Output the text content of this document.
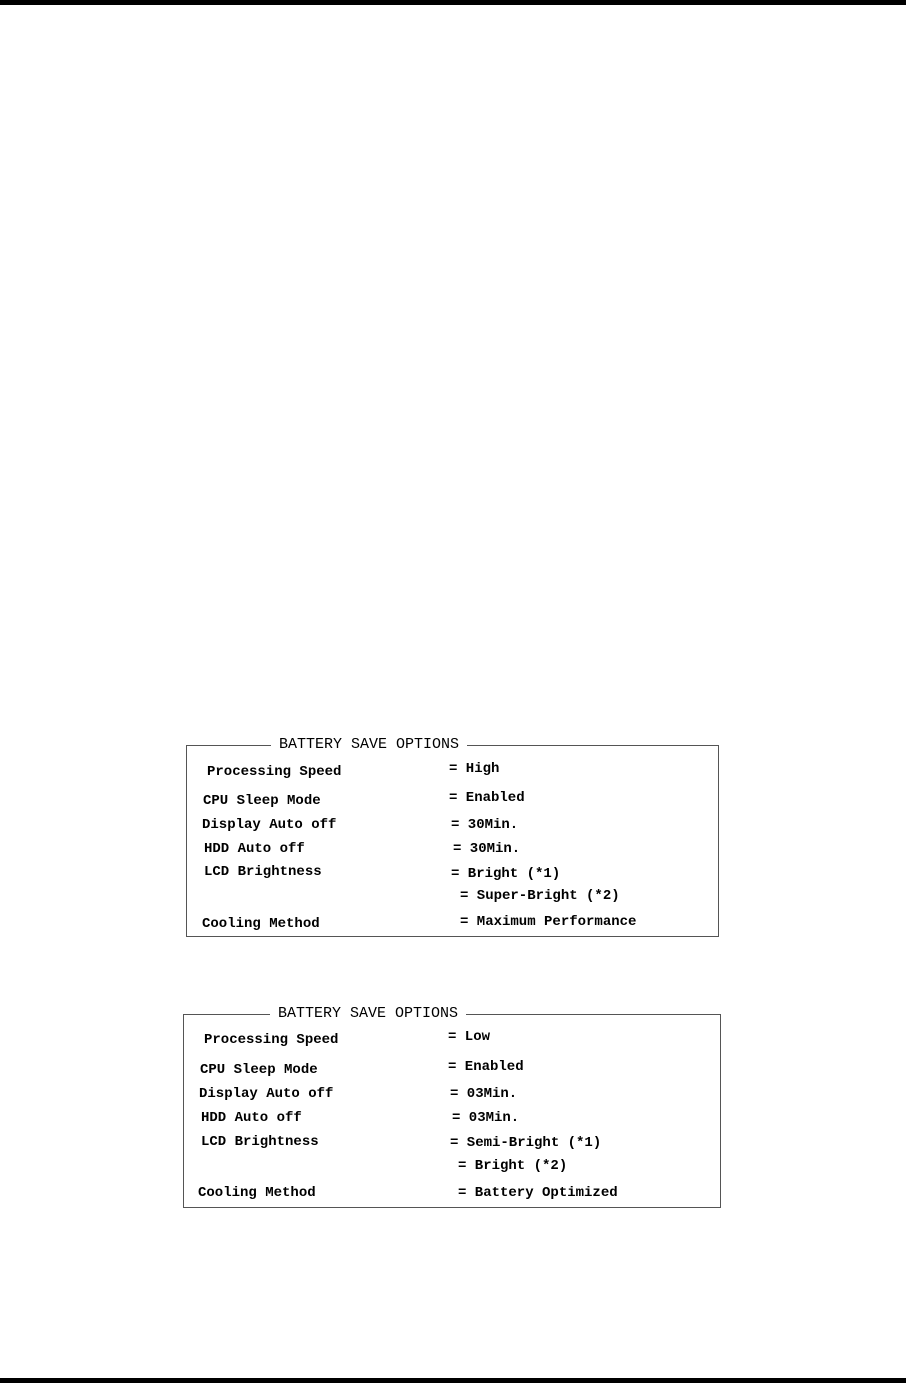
BATTERY SAVE OPTIONS
Processing Speed	= High
CPU Sleep Mode	= Enabled
Display Auto off	= 30Min.
HDD Auto off	= 30Min.
LCD Brightness	= Bright (*1)
= Super-Bright (*2)
Cooling Method	= Maximum Performance
BATTERY SAVE OPTIONS
Processing Speed	= Low
CPU Sleep Mode	= Enabled
Display Auto off	= 03Min.
HDD Auto off	= 03Min.
LCD Brightness	= Semi-Bright (*1)
= Bright (*2)
Cooling Method	= Battery Optimized
